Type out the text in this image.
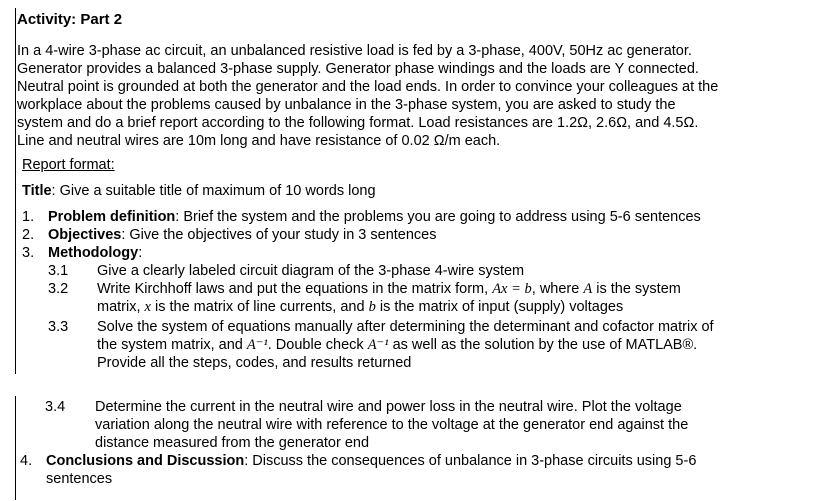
Activity: Part 2
In a 4-wire 3-phase ac circuit, an unbalanced resistive load is fed by a 3-phase, 400V, 50Hz ac generator.
Generator provides a balanced 3-phase supply. Generator phase windings and the loads are Y connected.
Neutral point is grounded at both the generator and the load ends. In order to convince your colleagues at the
workplace about the problems caused by unbalance in the 3-phase system, you are asked to study the
system and do a brief report according to the following format. Load resistances are 1.2Ω, 2.6Ω, and 4.5Ω.
Line and neutral wires are 10m long and have resistance of 0.02 Ω/m each.
Report format:
Title: Give a suitable title of maximum of 10 words long
1. Problem definition: Brief the system and the problems you are going to address using 5-6 sentences
2. Objectives: Give the objectives of your study in 3 sentences
3. Methodology:
3.1 Give a clearly labeled circuit diagram of the 3-phase 4-wire system
3.2 Write Kirchhoff laws and put the equations in the matrix form, Ax = b, where A is the system
matrix, x is the matrix of line currents, and b is the matrix of input (supply) voltages
3.3 Solve the system of equations manually after determining the determinant and cofactor matrix of
the system matrix, and A⁻¹. Double check A⁻¹ as well as the solution by the use of MATLAB®.
Provide all the steps, codes, and results returned
3.4 Determine the current in the neutral wire and power loss in the neutral wire. Plot the voltage
variation along the neutral wire with reference to the voltage at the generator end against the
distance measured from the generator end
4. Conclusions and Discussion: Discuss the consequences of unbalance in 3-phase circuits using 5-6
sentences
